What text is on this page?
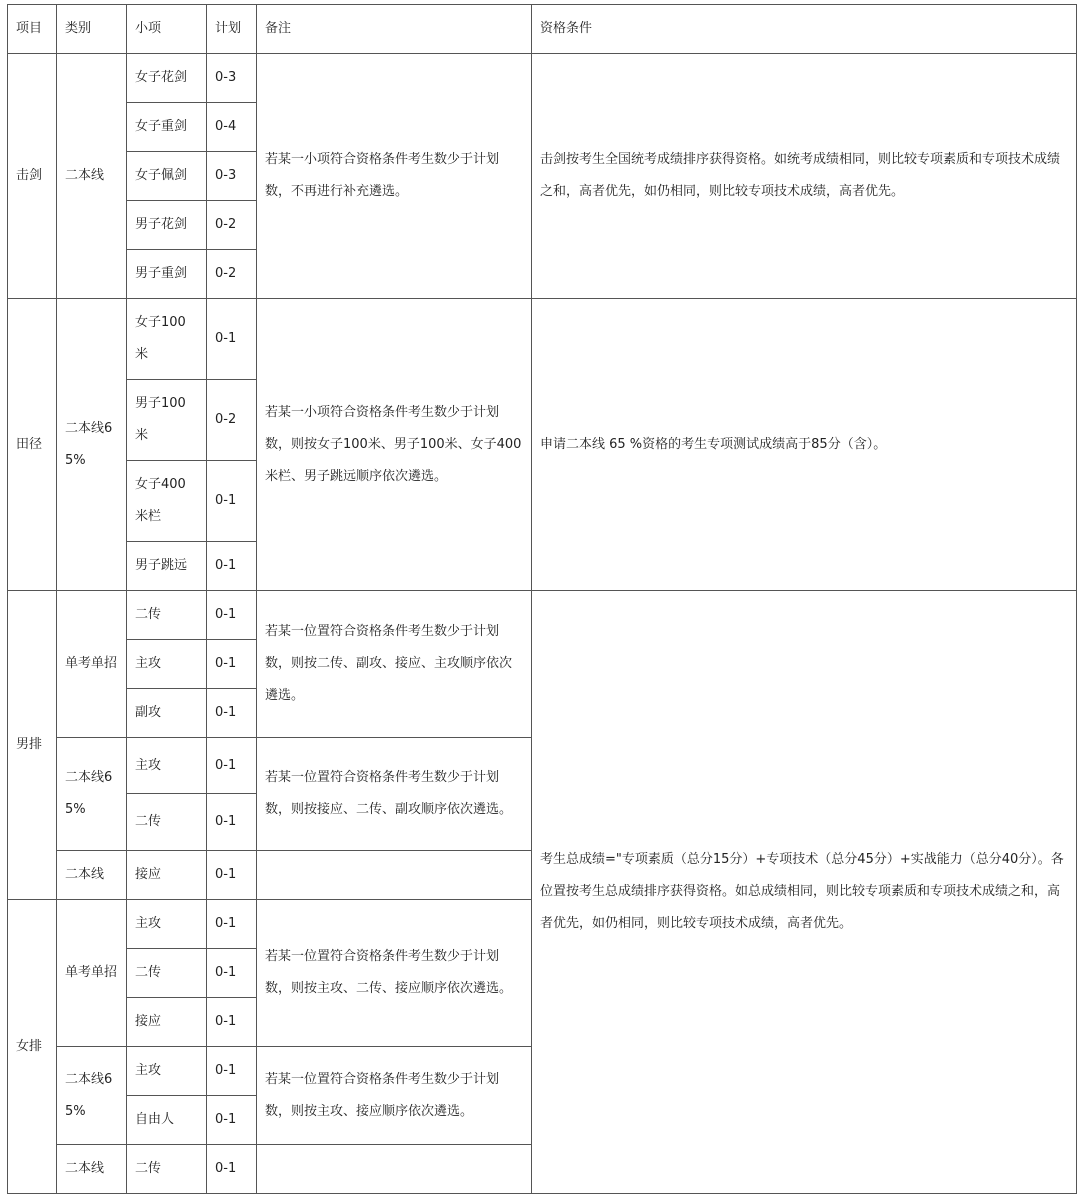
项目	类别	小项	计划	备注	资格条件
击剑	二本线	女子花剑	0-3	若某一小项符合资格条件考生数少于计划数，不再进行补充遴选。	击剑按考生全国统考成绩排序获得资格。如统考成绩相同，则比较专项素质和专项技术成绩之和，高者优先，如仍相同，则比较专项技术成绩，高者优先。
		女子重剑	0-4		
		女子佩剑	0-3		
		男子花剑	0-2		
		男子重剑	0-2		
田径	二本线65%	女子100米	0-1	若某一小项符合资格条件考生数少于计划数，则按女子100米、男子100米、女子400米栏、男子跳远顺序依次遴选。	申请二本线 65 %资格的考生专项测试成绩高于85分（含）。
		男子100米	0-2		
		女子400米栏	0-1		
		男子跳远	0-1		
男排	单考单招	二传	0-1	若某一位置符合资格条件考生数少于计划数，则按二传、副攻、接应、主攻顺序依次遴选。	考生总成绩="专项素质（总分15分）+专项技术（总分45分）+实战能力（总分40分）。各位置按考生总成绩排序获得资格。如总成绩相同，则比较专项素质和专项技术成绩之和，高者优先，如仍相同，则比较专项技术成绩，高者优先。
		主攻	0-1		
		副攻	0-1		
	二本线65%	主攻	0-1	若某一位置符合资格条件考生数少于计划数，则按接应、二传、副攻顺序依次遴选。	
		二传	0-1		
	二本线	接应	0-1		
女排	单考单招	主攻	0-1	若某一位置符合资格条件考生数少于计划数，则按主攻、二传、接应顺序依次遴选。	
		二传	0-1		
		接应	0-1		
	二本线65%	主攻	0-1	若某一位置符合资格条件考生数少于计划数，则按主攻、接应顺序依次遴选。	
		自由人	0-1		
	二本线	二传	0-1		
